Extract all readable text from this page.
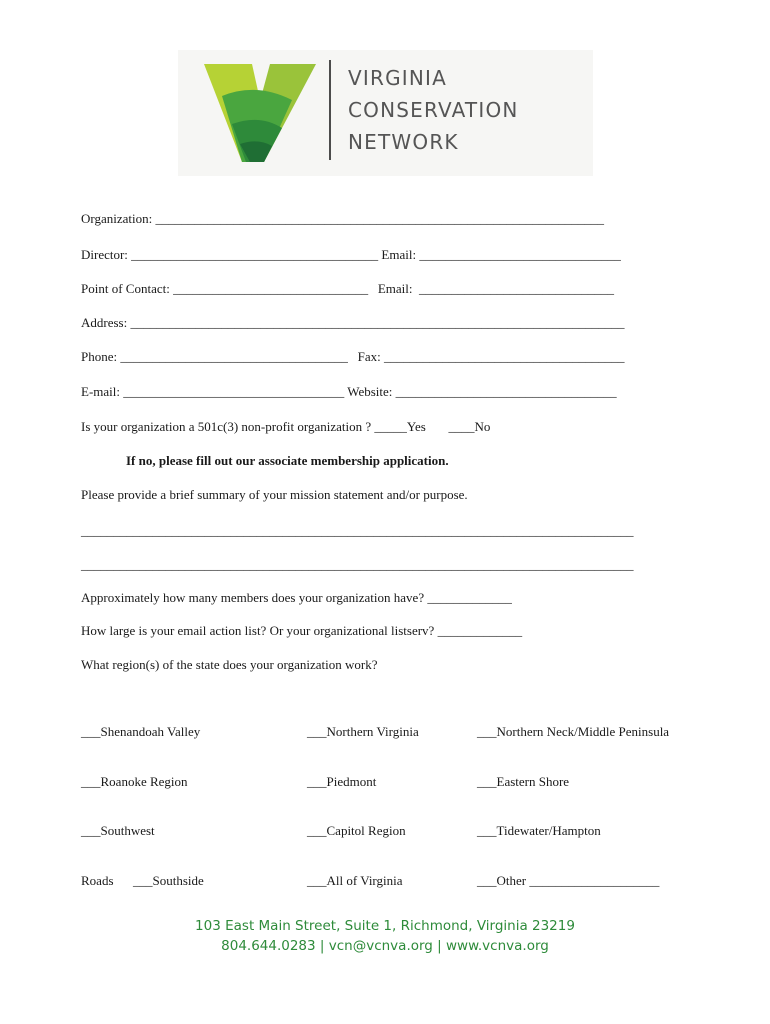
VIRGINIA
CONSERVATION
NETWORK
Organization: _____________________________________________________________________
Director: ______________________________________ Email: _______________________________
Point of Contact: ______________________________   Email:  ______________________________
Address: ____________________________________________________________________________
Phone: ___________________________________   Fax: _____________________________________
E-mail: __________________________________ Website: __________________________________
Is your organization a 501c(3) non-profit organization ? _____Yes       ____No
If no, please fill out our associate membership application.
Please provide a brief summary of your mission statement and/or purpose.
_____________________________________________________________________________________
_____________________________________________________________________________________
Approximately how many members does your organization have? _____________
How large is your email action list? Or your organizational listserv? _____________
What region(s) of the state does your organization work?

___Shenandoah Valley

___Roanoke Region

___Southwest

Roads      ___Southside

___Northern Virginia

___Piedmont

___Capitol Region

___All of Virginia

___Northern Neck/Middle Peninsula

___Eastern Shore

___Tidewater/Hampton

___Other ____________________

103 East Main Street, Suite 1, Richmond, Virginia 23219
804.644.0283 | vcn@vcnva.org | www.vcnva.org
